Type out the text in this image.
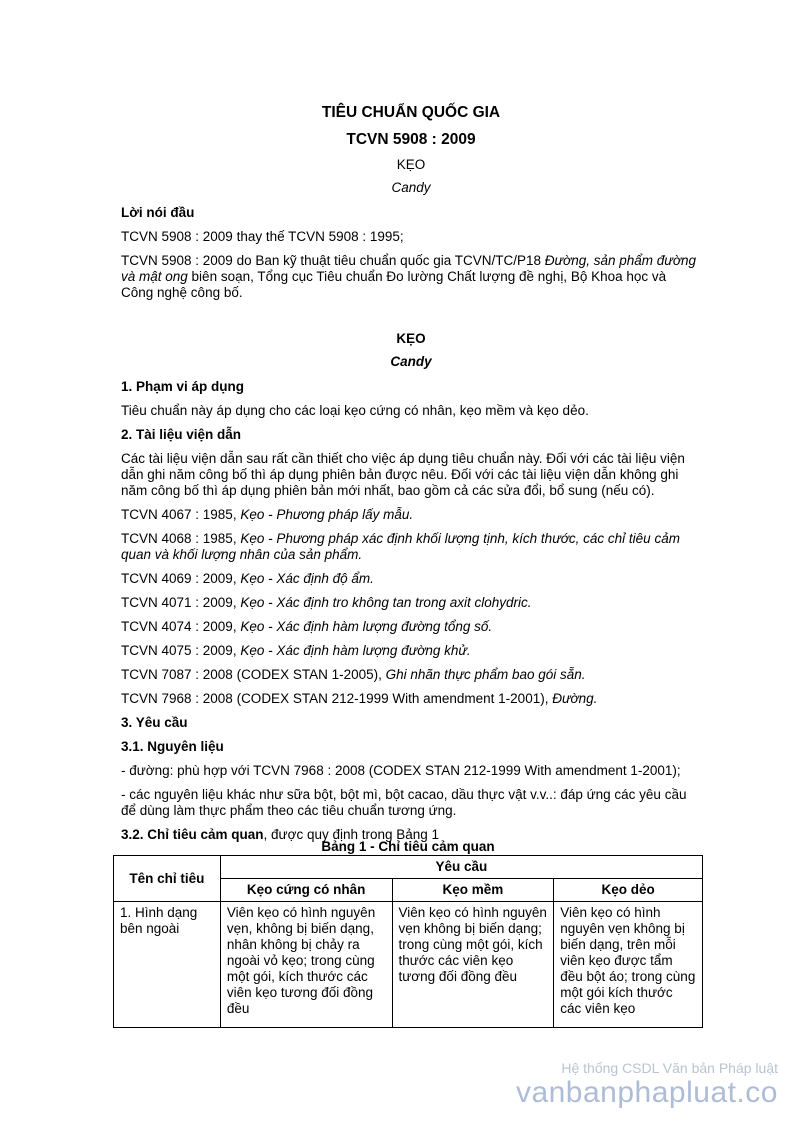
TIÊU CHUẨN QUỐC GIA
TCVN 5908 : 2009
KẸO
Candy

Lời nói đầu

TCVN 5908 : 2009 thay thế TCVN 5908 : 1995;

TCVN 5908 : 2009 do Ban kỹ thuật tiêu chuẩn quốc gia TCVN/TC/P18 Đường, sản phẩm đường và mật ong biên soạn, Tổng cục Tiêu chuẩn Đo lường Chất lượng đề nghị, Bộ Khoa học và Công nghệ công bố.

KẸO
Candy

1. Phạm vi áp dụng

Tiêu chuẩn này áp dụng cho các loại kẹo cứng có nhân, kẹo mềm và kẹo dẻo.

2. Tài liệu viện dẫn

Các tài liệu viện dẫn sau rất cần thiết cho việc áp dụng tiêu chuẩn này. Đối với các tài liệu viện dẫn ghi năm công bố thì áp dụng phiên bản được nêu. Đối với các tài liệu viện dẫn không ghi năm công bố thì áp dụng phiên bản mới nhất, bao gồm cả các sửa đổi, bổ sung (nếu có).

TCVN 4067 : 1985, Kẹo - Phương pháp lấy mẫu.

TCVN 4068 : 1985, Kẹo - Phương pháp xác định khối lượng tịnh, kích thước, các chỉ tiêu cảm quan và khối lượng nhân của sản phẩm.

TCVN 4069 : 2009, Kẹo - Xác định độ ẩm.

TCVN 4071 : 2009, Kẹo - Xác định tro không tan trong axit clohydric.

TCVN 4074 : 2009, Kẹo - Xác định hàm lượng đường tổng số.

TCVN 4075 : 2009, Kẹo - Xác định hàm lượng đường khử.

TCVN 7087 : 2008 (CODEX STAN 1-2005), Ghi nhãn thực phẩm bao gói sẵn.

TCVN 7968 : 2008 (CODEX STAN 212-1999 With amendment 1-2001), Đường.

3. Yêu cầu

3.1. Nguyên liệu

- đường: phù hợp với TCVN 7968 : 2008 (CODEX STAN 212-1999 With amendment 1-2001);

- các nguyên liệu khác như sữa bột, bột mì, bột cacao, dầu thực vật v.v..: đáp ứng các yêu cầu để dùng làm thực phẩm theo các tiêu chuẩn tương ứng.

3.2. Chỉ tiêu cảm quan, được quy định trong Bảng 1

Bảng 1 - Chỉ tiêu cảm quan
Tên chỉ tiêu	Yêu cầu		
	Kẹo cứng có nhân	Kẹo mềm	Kẹo dẻo
1. Hình dạng bên ngoài	Viên kẹo có hình nguyên vẹn, không bị biến dạng, nhân không bị chảy ra ngoài vỏ kẹo; trong cùng một gói, kích thước các viên kẹo tương đối đồng đều	Viên kẹo có hình nguyên vẹn không bị biến dạng; trong cùng một gói, kích thước các viên kẹo tương đối đồng đều	Viên kẹo có hình nguyên vẹn không bị biến dạng, trên mỗi viên kẹo được tẩm đều bột áo; trong cùng một gói kích thước các viên kẹo
Hệ thống CSDL Văn bản Pháp luật
vanbanphapluat.co
